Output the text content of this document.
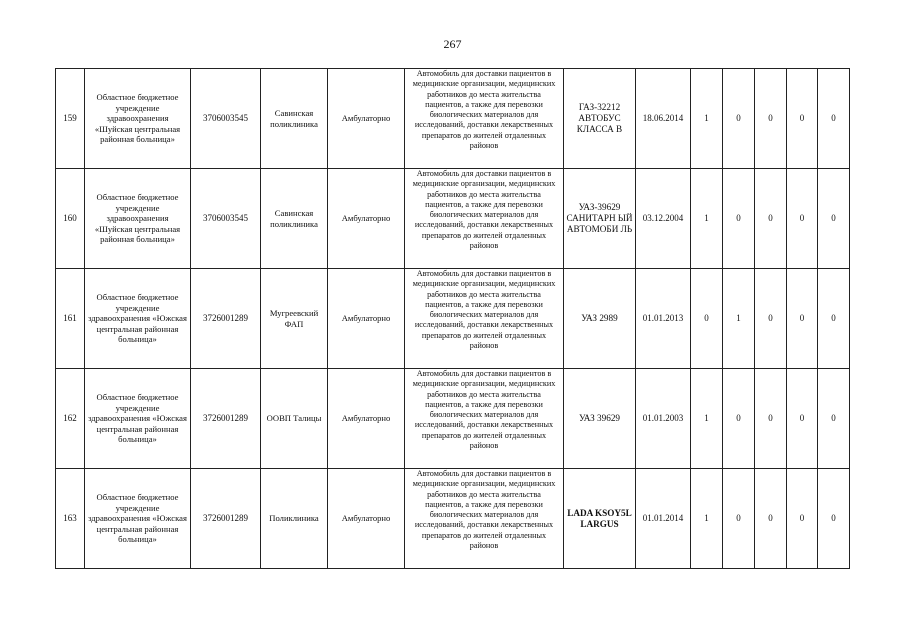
267
159	Областное бюджетное учреждение здравоохранения «Шуйская центральная районная больница»	3706003545	Савинская поликлиника	Амбулаторно	Автомобиль для доставки пациентов в медицинские организации, медицинских работников до места жительства пациентов, а также для перевозки биологических материалов для исследований, доставки лекарственных препаратов до жителей отдаленных районов	ГАЗ-32212 АВТОБУС КЛАССА В	18.06.2014	1	0	0	0	0
160	Областное бюджетное учреждение здравоохранения «Шуйская центральная районная больница»	3706003545	Савинская поликлиника	Амбулаторно	Автомобиль для доставки пациентов в медицинские организации, медицинских работников до места жительства пациентов, а также для перевозки биологических материалов для исследований, доставки лекарственных препаратов до жителей отдаленных районов	УАЗ-39629 САНИТАРН ЫЙ АВТОМОБИ ЛЬ	03.12.2004	1	0	0	0	0
161	Областное бюджетное учреждение здравоохранения «Южская центральная районная больница»	3726001289	Мугреевский ФАП	Амбулаторно	Автомобиль для доставки пациентов в медицинские организации, медицинских работников до места жительства пациентов, а также для перевозки биологических материалов для исследований, доставки лекарственных препаратов до жителей отдаленных районов	УАЗ 2989	01.01.2013	0	1	0	0	0
162	Областное бюджетное учреждение здравоохранения «Южская центральная районная больница»	3726001289	ООВП Талицы	Амбулаторно	Автомобиль для доставки пациентов в медицинские организации, медицинских работников до места жительства пациентов, а также для перевозки биологических материалов для исследований, доставки лекарственных препаратов до жителей отдаленных районов	УАЗ 39629	01.01.2003	1	0	0	0	0
163	Областное бюджетное учреждение здравоохранения «Южская центральная районная больница»	3726001289	Поликлиника	Амбулаторно	Автомобиль для доставки пациентов в медицинские организации, медицинских работников до места жительства пациентов, а также для перевозки биологических материалов для исследований, доставки лекарственных препаратов до жителей отдаленных районов	LADA KSOY5L LARGUS	01.01.2014	1	0	0	0	0
